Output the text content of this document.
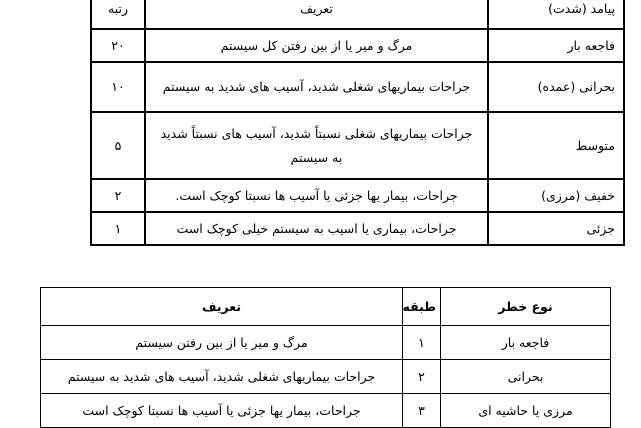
پیامد (شدت)	تعریف	رتبه
فاجعه بار	مرگ و میر یا از بین رفتن کل سیستم	۲۰
بحرانی (عمده)	جراحات بیماریهای شغلی شدید، آسیب های شدید به سیستم	۱۰
متوسط	جراحات بیماریهای شغلی نسبتاً شدید، آسیب های نسبتاً شدید به سیستم	۵
خفیف (مرزی)	جراحات، بیمار یها جزئی یا آسیب ها نسبتا کوچک است.	۲
جزئی	جراحات، بیماری یا اسیب به سیستم خیلی کوچک است	۱
نوع خطر	طبقه	تعریف
فاجعه بار	۱	مرگ و میر یا از بین رفتن سیستم
بحرانی	۲	جراحات بیماریهای شغلی شدید، آسیب های شدید به سیستم
مرزی یا حاشیه ای	۳	جراحات، بیمار یها جزئی یا آسیب ها نسبتا کوچک است
